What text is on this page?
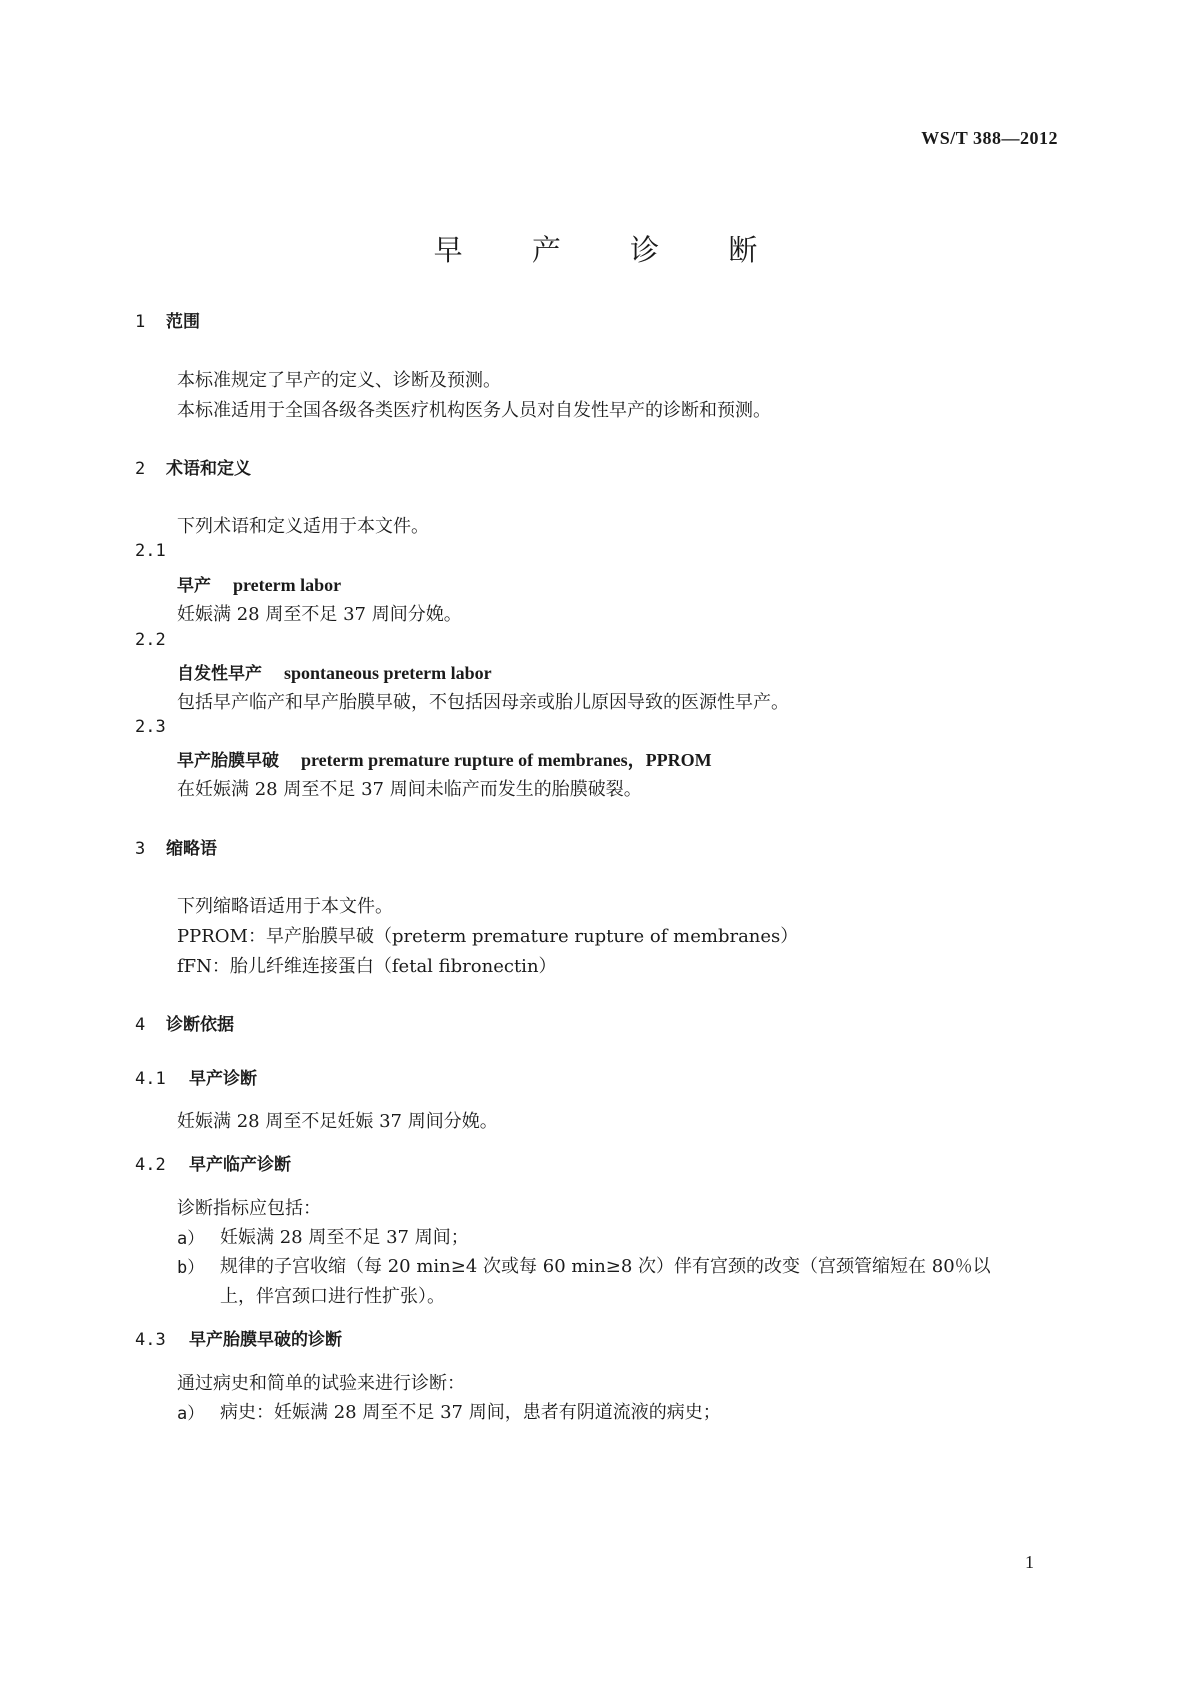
WS/T 388—2012
早 产 诊 断
1 范围
本标准规定了早产的定义、诊断及预测。
本标准适用于全国各级各类医疗机构医务人员对自发性早产的诊断和预测。
2 术语和定义
下列术语和定义适用于本文件。
2.1
早产 preterm labor
妊娠满 28 周至不足 37 周间分娩。
2.2
自发性早产 spontaneous preterm labor
包括早产临产和早产胎膜早破，不包括因母亲或胎儿原因导致的医源性早产。
2.3
早产胎膜早破 preterm premature rupture of membranes，PPROM
在妊娠满 28 周至不足 37 周间未临产而发生的胎膜破裂。
3 缩略语
下列缩略语适用于本文件。
PPROM：早产胎膜早破（preterm premature rupture of membranes）
fFN：胎儿纤维连接蛋白（fetal fibronectin）
4 诊断依据
4.1 早产诊断
妊娠满 28 周至不足妊娠 37 周间分娩。
4.2 早产临产诊断
诊断指标应包括：
a） 妊娠满 28 周至不足 37 周间；
b） 规律的子宫收缩（每 20 min≥4 次或每 60 min≥8 次）伴有宫颈的改变（宫颈管缩短在 80％以
上，伴宫颈口进行性扩张）。
4.3 早产胎膜早破的诊断
通过病史和简单的试验来进行诊断：
a） 病史：妊娠满 28 周至不足 37 周间，患者有阴道流液的病史；
1
